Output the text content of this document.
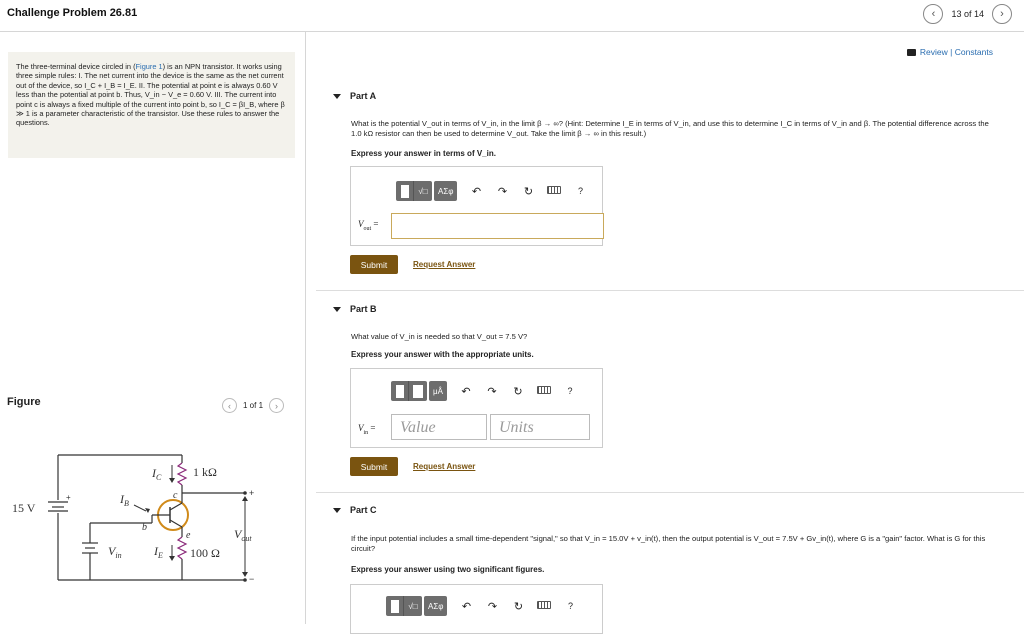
Challenge Problem 26.81	‹ 13 of 14 ›
The three-terminal device circled in (Figure 1) is an NPN transistor. It works using three simple rules: I. The net current into the device is the same as the net current out of the device, so I_C + I_B = I_E. II. The potential at point e is always 0.60 V less than the potential at point b. Thus, V_in − V_e = 0.60 V. III. The current into point c is always a fixed multiple of the current into point b, so I_C = βI_B, where β ≫ 1 is a parameter characteristic of the transistor. Use these rules to answer the questions.
Figure	‹ 1 of 1 ›
15 V
+
1 kΩ
$I_C$
c
b
e
$I_B$
$V_{in}$	100 Ω
$I_E$
+
−
$V_{out}$
Review | Constants
Part A
What is the potential V_out in terms of V_in, in the limit β → ∞? (Hint: Determine I_E in terms of V_in, and use this to determine I_C in terms of V_in and β. The potential difference across the 1.0 kΩ resistor can then be used to determine V_out. Take the limit β → ∞ in this result.)
Express your answer in terms of V_in.
√□	ΑΣφ	↶ ↷ ↻	?
$V_{out}$ =
Submit	Request Answer
Part B
What value of V_in is needed so that V_out = 7.5 V?
Express your answer with the appropriate units.
μÅ	↶ ↷ ↻	?
$V_{in}$ =	Value	Units
Submit	Request Answer
Part C
If the input potential includes a small time-dependent "signal," so that V_in = 15.0V + v_in(t), then the output potential is V_out = 7.5V + Gv_in(t), where G is a "gain" factor. What is G for this circuit?
Express your answer using two significant figures.
√□	ΑΣφ	↶ ↷ ↻	?
